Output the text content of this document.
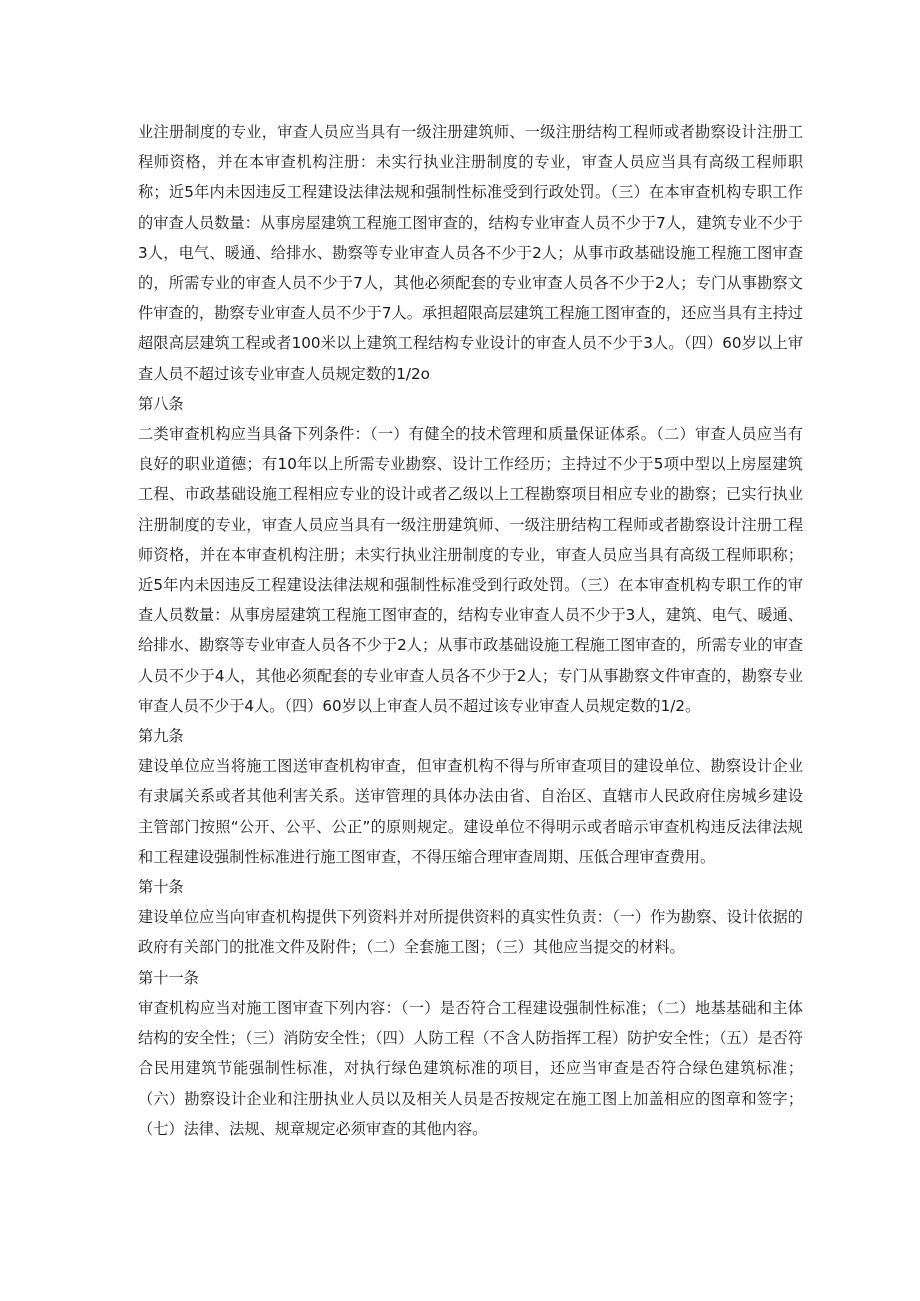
业注册制度的专业，审查人员应当具有一级注册建筑师、一级注册结构工程师或者勘察设计注册工程师资格，并在本审查机构注册：未实行执业注册制度的专业，审查人员应当具有高级工程师职称；近5年内未因违反工程建设法律法规和强制性标准受到行政处罚。（三）在本审查机构专职工作的审查人员数量：从事房屋建筑工程施工图审查的，结构专业审查人员不少于7人，建筑专业不少于3人，电气、暖通、给排水、勘察等专业审查人员各不少于2人；从事市政基础设施工程施工图审查的，所需专业的审查人员不少于7人，其他必须配套的专业审查人员各不少于2人；专门从事勘察文件审查的，勘察专业审查人员不少于7人。承担超限高层建筑工程施工图审查的，还应当具有主持过超限高层建筑工程或者100米以上建筑工程结构专业设计的审查人员不少于3人。（四）60岁以上审查人员不超过该专业审查人员规定数的1/2o

第八条

二类审查机构应当具备下列条件：（一）有健全的技术管理和质量保证体系。（二）审查人员应当有良好的职业道德；有10年以上所需专业勘察、设计工作经历；主持过不少于5项中型以上房屋建筑工程、市政基础设施工程相应专业的设计或者乙级以上工程勘察项目相应专业的勘察；已实行执业注册制度的专业，审查人员应当具有一级注册建筑师、一级注册结构工程师或者勘察设计注册工程师资格，并在本审查机构注册；未实行执业注册制度的专业，审查人员应当具有高级工程师职称；近5年内未因违反工程建设法律法规和强制性标准受到行政处罚。（三）在本审查机构专职工作的审查人员数量：从事房屋建筑工程施工图审查的，结构专业审查人员不少于3人，建筑、电气、暖通、给排水、勘察等专业审查人员各不少于2人；从事市政基础设施工程施工图审查的，所需专业的审查人员不少于4人，其他必须配套的专业审查人员各不少于2人；专门从事勘察文件审查的，勘察专业审查人员不少于4人。（四）60岁以上审查人员不超过该专业审查人员规定数的1/2。

第九条

建设单位应当将施工图送审查机构审查，但审查机构不得与所审查项目的建设单位、勘察设计企业有隶属关系或者其他利害关系。送审管理的具体办法由省、自治区、直辖市人民政府住房城乡建设主管部门按照“公开、公平、公正”的原则规定。建设单位不得明示或者暗示审查机构违反法律法规和工程建设强制性标准进行施工图审查，不得压缩合理审查周期、压低合理审查费用。

第十条

建设单位应当向审查机构提供下列资料并对所提供资料的真实性负责：（一）作为勘察、设计依据的政府有关部门的批准文件及附件；（二）全套施工图；（三）其他应当提交的材料。

第十一条

审查机构应当对施工图审查下列内容：（一）是否符合工程建设强制性标准；（二）地基基础和主体结构的安全性；（三）消防安全性；（四）人防工程（不含人防指挥工程）防护安全性；（五）是否符合民用建筑节能强制性标准，对执行绿色建筑标准的项目，还应当审查是否符合绿色建筑标准；（六）勘察设计企业和注册执业人员以及相关人员是否按规定在施工图上加盖相应的图章和签字；（七）法律、法规、规章规定必须审查的其他内容。
